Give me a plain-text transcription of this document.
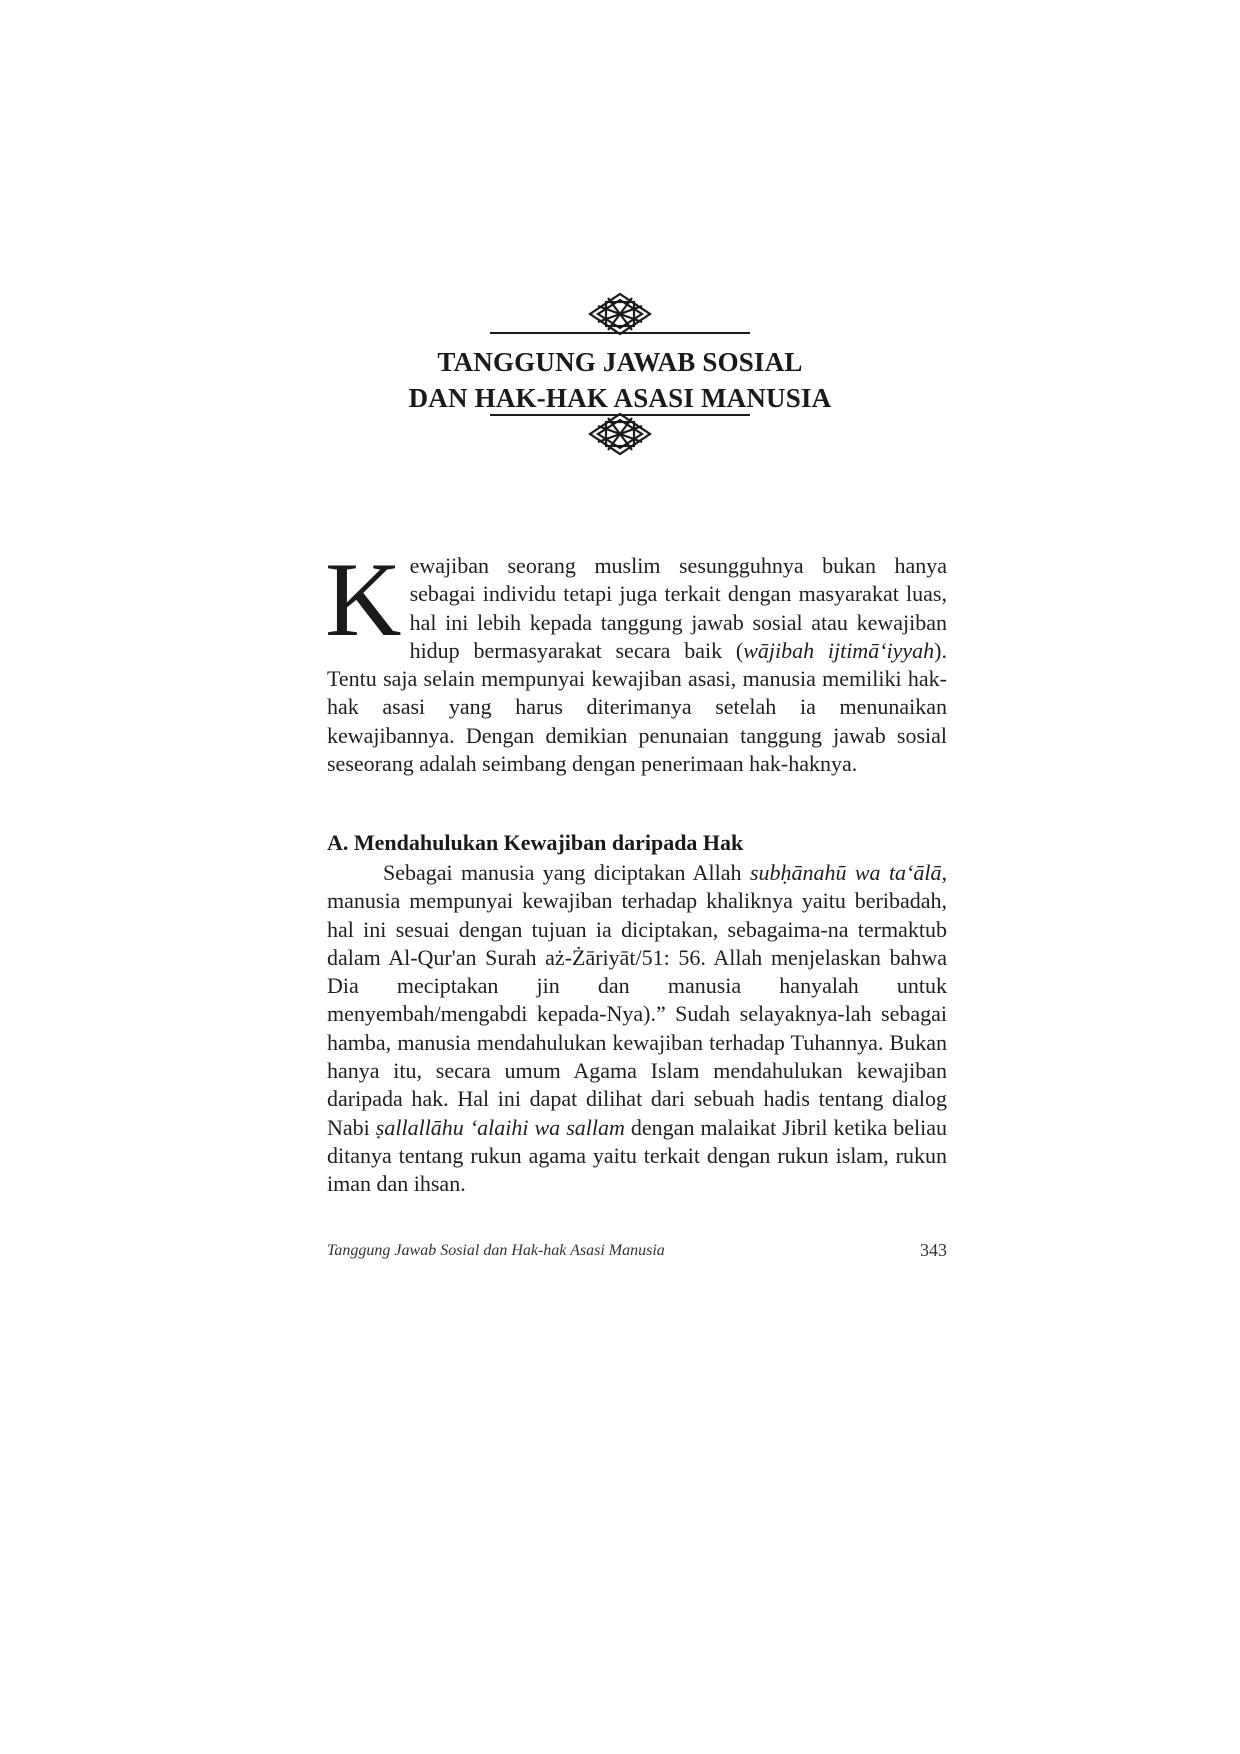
TANGGUNG JAWAB SOSIAL
DAN HAK-HAK ASASI MANUSIA
Kewajiban seorang muslim sesungguhnya bukan hanya sebagai individu tetapi juga terkait dengan masyarakat luas, hal ini lebih kepada tanggung jawab sosial atau kewajiban hidup bermasyarakat secara baik (wājibah ijtimā‘iyyah). Tentu saja selain mempunyai kewajiban asasi, manusia memiliki hak-hak asasi yang harus diterimanya setelah ia menunaikan kewajibannya. Dengan demikian penunaian tanggung jawab sosial seseorang adalah seimbang dengan penerimaan hak-haknya.
A. Mendahulukan Kewajiban daripada Hak
Sebagai manusia yang diciptakan Allah subḥānahū wa ta‘ālā, manusia mempunyai kewajiban terhadap khaliknya yaitu beribadah, hal ini sesuai dengan tujuan ia diciptakan, sebagaima-na termaktub dalam Al-Qur'an Surah aż-Żāriyāt/51: 56. Allah menjelaskan bahwa Dia meciptakan jin dan manusia hanyalah untuk menyembah/mengabdi kepada-Nya).” Sudah selayaknya-lah sebagai hamba, manusia mendahulukan kewajiban terhadap Tuhannya. Bukan hanya itu, secara umum Agama Islam mendahulukan kewajiban daripada hak. Hal ini dapat dilihat dari sebuah hadis tentang dialog Nabi ṣallallāhu ‘alaihi wa sallam dengan malaikat Jibril ketika beliau ditanya tentang rukun agama yaitu terkait dengan rukun islam, rukun iman dan ihsan.
Tanggung Jawab Sosial dan Hak-hak Asasi Manusia	343
